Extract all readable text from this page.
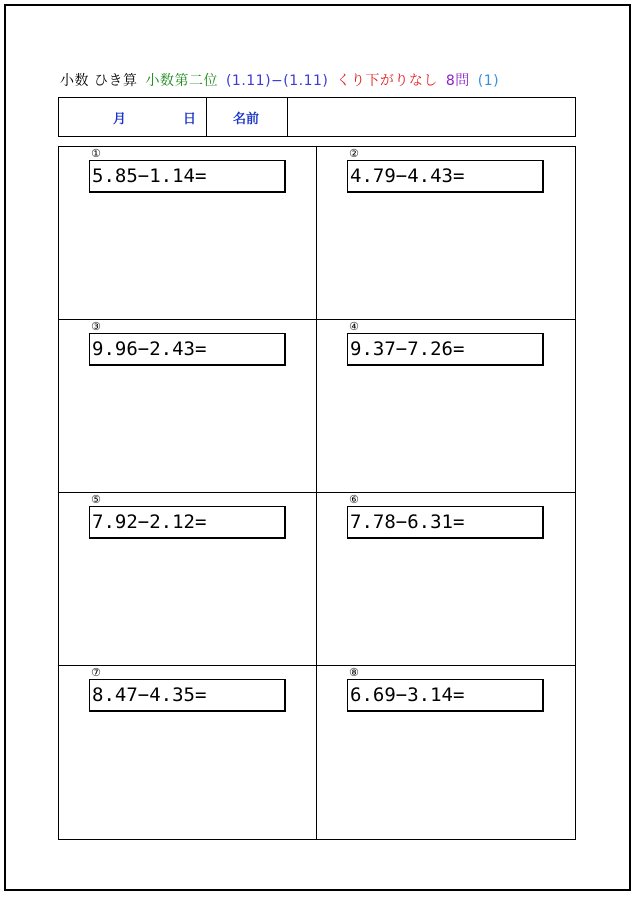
小数 ひき算 小数第二位 (1.11)−(1.11) くり下がりなし 8問 (1)
月	日	名前
①
5.85−1.14=
②
4.79−4.43=
③
9.96−2.43=
④
9.37−7.26=
⑤
7.92−2.12=
⑥
7.78−6.31=
⑦
8.47−4.35=
⑧
6.69−3.14=
